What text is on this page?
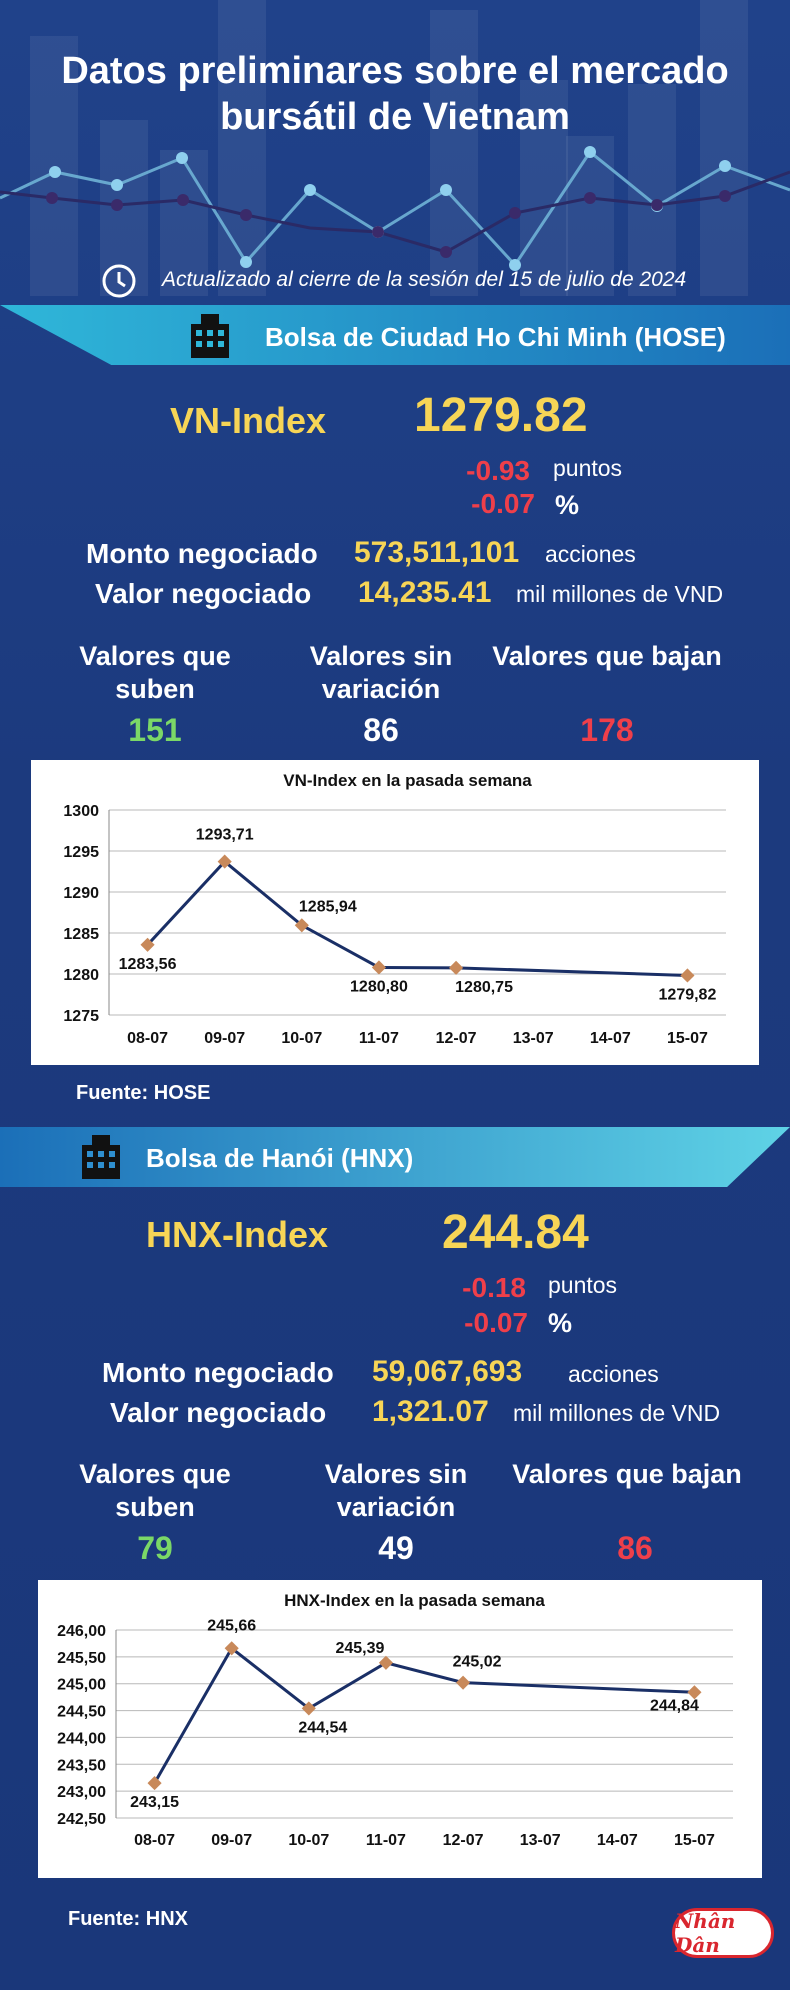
Datos preliminares sobre el mercado bursátil de Vietnam
Actualizado al cierre de la sesión del 15 de julio de 2024
Bolsa de Ciudad Ho Chi Minh (HOSE)
VN-Index 1279.82
-0.93 puntos
-0.07 %
Monto negociado 573,511,101 acciones
Valor negociado 14,235.41 mil millones de VND
Valores que suben
Valores sin variación
Valores que bajan
151	86	178
VN-Index en la pasada semana
1275
1280
1285
1290
1295
1300
08-07 09-07 10-07 11-07 12-07 13-07 14-07 15-07
1283,56
1293,71
1285,94
1280,80	1280,75	1279,82
Fuente: HOSE
Bolsa de Hanói (HNX)
HNX-Index 244.84
-0.18 puntos
-0.07 %
Monto negociado 59,067,693 acciones
Valor negociado 1,321.07 mil millones de VND
Valores que suben
Valores sin variación
Valores que bajan
79	49	86
HNX-Index en la pasada semana
242,50
243,00
243,50
244,00
244,50
245,00
245,50
246,00
08-07 09-07 10-07 11-07 12-07 13-07 14-07 15-07
243,15
245,66
244,54
245,39
245,02
244,84
Fuente: HNX	Nhân Dân
